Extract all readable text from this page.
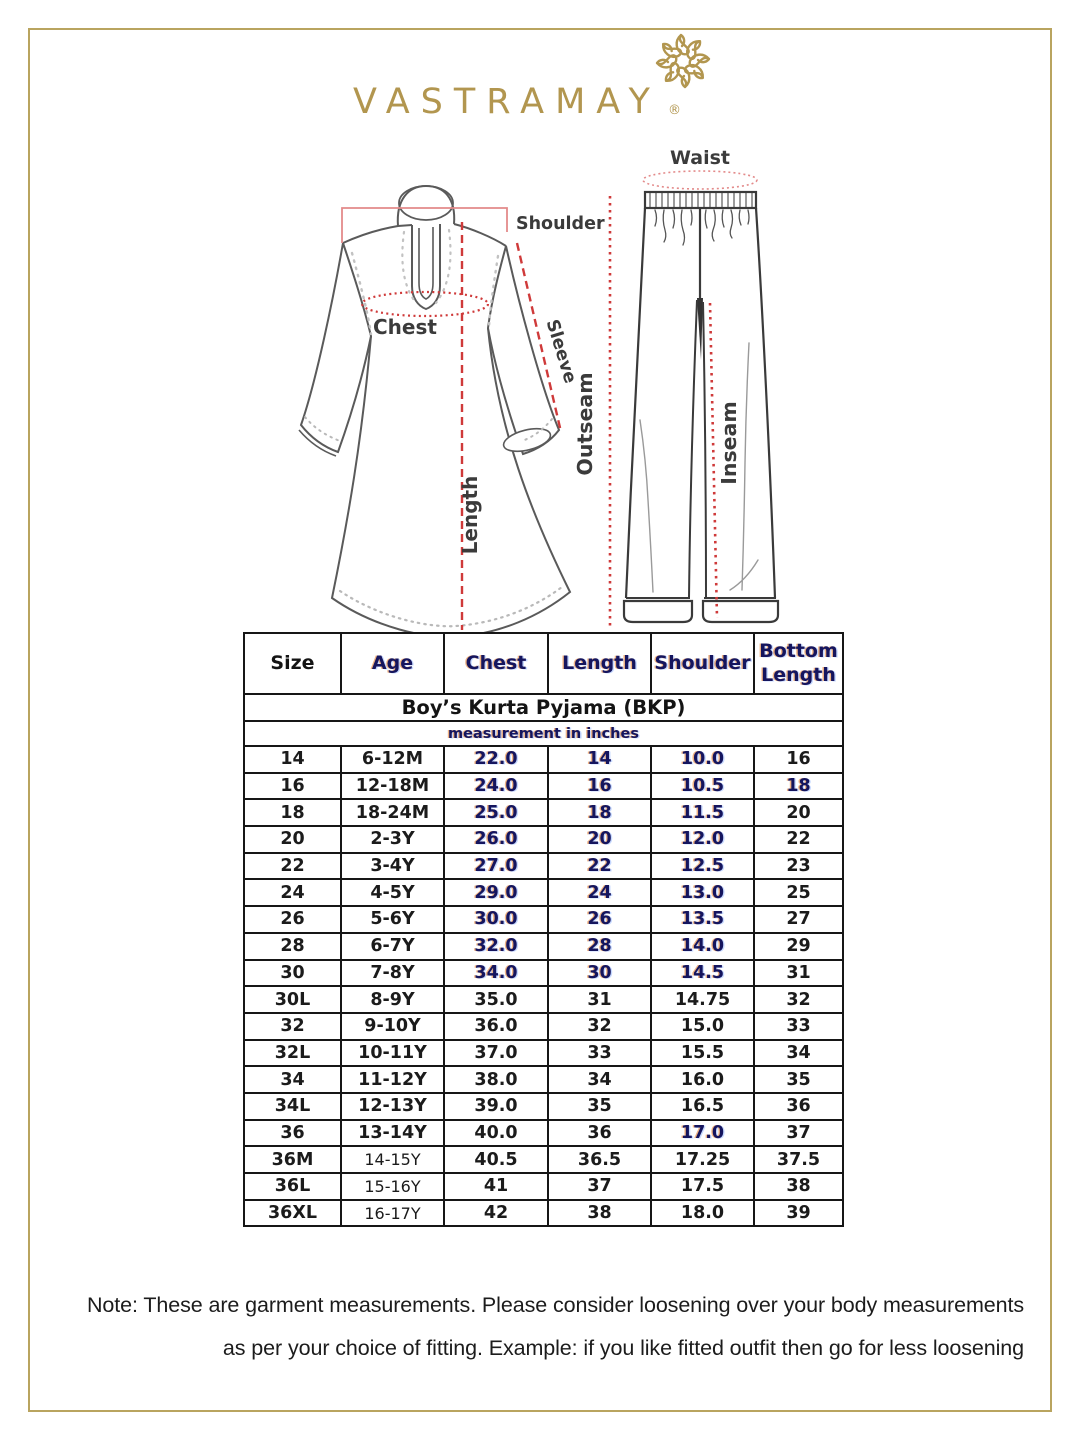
VASTRAMAY ®
Shoulder
Chest	Sleeve
Length
Waist
Outseam	Inseam
Boy’s Kurta Pyjama (BKP)					
measurement in inches					
Size	Age	Chest	Length	Shoulder	Bottom Length
14	6-12M	22.0	14	10.0	16
16	12-18M	24.0	16	10.5	18
18	18-24M	25.0	18	11.5	20
20	2-3Y	26.0	20	12.0	22
22	3-4Y	27.0	22	12.5	23
24	4-5Y	29.0	24	13.0	25
26	5-6Y	30.0	26	13.5	27
28	6-7Y	32.0	28	14.0	29
30	7-8Y	34.0	30	14.5	31
30L	8-9Y	35.0	31	14.75	32
32	9-10Y	36.0	32	15.0	33
32L	10-11Y	37.0	33	15.5	34
34	11-12Y	38.0	34	16.0	35
34L	12-13Y	39.0	35	16.5	36
36	13-14Y	40.0	36	17.0	37
36M	14-15Y	40.5	36.5	17.25	37.5
36L	15-16Y	41	37	17.5	38
36XL	16-17Y	42	38	18.0	39
Note: These are garment measurements. Please consider loosening over your body measurements
as per your choice of fitting. Example: if you like fitted outfit then go for less loosening
